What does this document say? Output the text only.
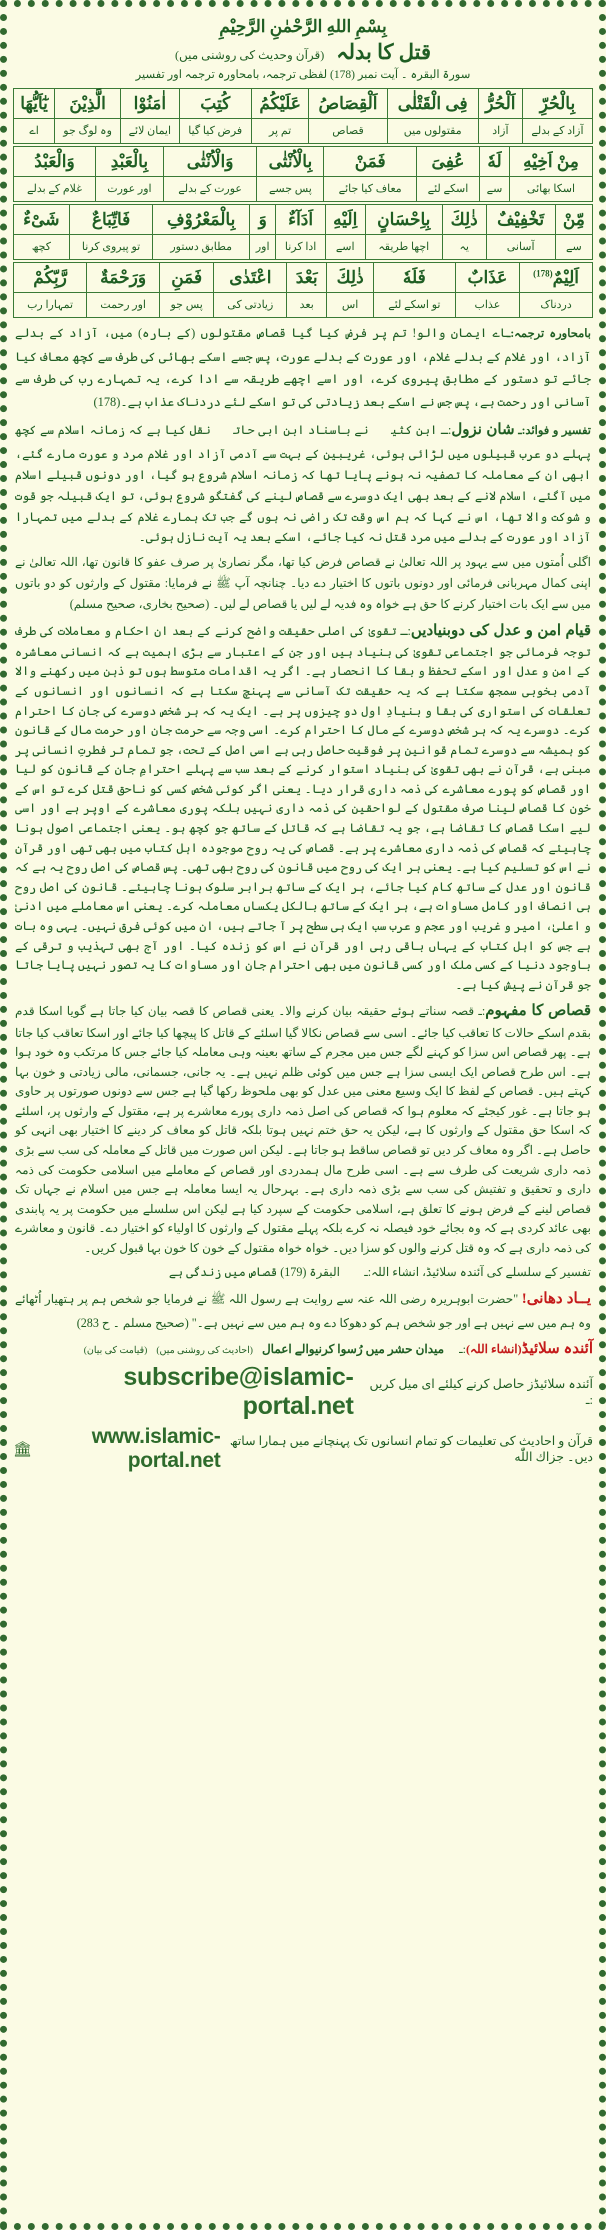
بِسْمِ اللهِ الرَّحْمٰنِ الرَّحِيْمِ
قتل کا بدلہ (قرآن وحدیث کی روشنی میں)
سورۃ البقرہ ۔ آیت نمبر (178) لفظی ترجمہ، بامحاورہ ترجمہ اور تفسیر
بِالْحُرِّ	اَلْحُرُّ	فِى الْقَتْلٰى	اَلْقِصَاصُ	عَلَيْكُمُ	كُتِبَ	اٰمَنُوْا	الَّذِيْنَ	يٰٓاَيُّهَا
آزاد کے بدلے	آزاد	مقتولوں میں	قصاص	تم پر	فرض کیا گیا	ایمان لائے	وہ لوگ جو	اے
مِنْ اَخِيْهِ	لَهٗ	عُفِىَ	فَمَنْ	بِالْاُنْثٰى	وَالْاُنْثٰى	بِالْعَبْدِ	وَالْعَبْدُ
اسکا بھائی	سے	اسکے لئے	معاف کیا جائے	پس جسے	عورت کے بدلے	اور عورت	غلام کے بدلے
مِّنْ	تَخْفِيْفٌ	ذٰلِكَ	بِاِحْسَانٍ	اِلَيْهِ	اَدَآءٌ	وَ	بِالْمَعْرُوْفِ	فَاتِّبَاعٌ	شَىْءٌ
سے	آسانی	یہ	اچھا طریقہ	اسے	ادا کرنا	اور	مطابق دستور	تو پیروی کرنا	کچھ
اَلِيْمٌ$^{(178)}$	عَذَابٌ	فَلَهٗ	ذٰلِكَ	بَعْدَ	اعْتَدٰى	فَمَنِ	وَرَحْمَةٌ	رَّبِّكُمْ
دردناک	عذاب	تو اسکے لئے	اس	بعد	زیادتی کی	پس جو	اور رحمت	تمہارا رب
بامحاورہ ترجمہ:ـاے ایمان والو! تم پر فرض کیا گیا قصاص مقتولوں (کے بارہ) میں، آزاد کے بدلے آزاد، اور غلام کے بدلے غلام، اور عورت کے بدلے عورت، پس جسے اسکے بھائی کی طرف سے کچھ معاف کیا جائے تو دستور کے مطابق پیروی کرے، اور اسے اچھے طریقہ سے ادا کرے، یہ تمہارے رب کی طرف سے آسانی اور رحمت ہے، پس جس نے اسکے بعد زیادتی کی تو اسکے لئے دردناک عذاب ہے۔(178)
تفسیر و فوائد:ـ شان نزول:ـ ابن کثیرؒ نے باسناد ابن ابی حاتمؒ نقل کیا ہے کہ زمانہ اسلام سے کچھ پہلے دو عرب قبیلوں میں لڑائی ہوئی، غریبین کے بہت سے آدمی آزاد اور غلام مرد و عورت مارے گئے، ابھی ان کے معاملہ کا تصفیہ نہ ہونے پایا تھا کہ زمانہ اسلام شروع ہو گیا، اور دونوں قبیلے اسلام میں آگئے، اسلام لانے کے بعد بھی ایک دوسرے سے قصاص لینے کی گفتگو شروع ہوئی، تو ایک قبیلہ جو قوت و شوکت والا تھا، اس نے کہا کہ ہم اس وقت تک راضی نہ ہوں گے جب تک ہمارے غلام کے بدلے میں تمہارا آزاد اور عورت کے بدلے میں مرد قتل نہ کیا جائے، اسکے بعد یہ آیت نازل ہوئی۔
اگلی اُمتوں میں سے یہود پر اللہ تعالیٰ نے قصاص فرض کیا تھا، مگر نصاریٰ پر صرف عفو کا قانون تھا، اللہ تعالیٰ نے اپنی کمال مہربانی فرمائی اور دونوں باتوں کا اختیار دے دیا۔ چنانچہ آپ ﷺ نے فرمایا: مقتول کے وارثوں کو دو باتوں میں سے ایک بات اختیار کرنے کا حق ہے خواہ وہ فدیہ لے لیں یا قصاص لے لیں۔ (صحیح بخاری، صحیح مسلم)
قیام امن و عدل کی دوبنیادیں:ـ تقویٰ کی اصلی حقیقت واضح کرنے کے بعد ان احکام و معاملات کی طرف توجہ فرمائی جو اجتماعی تقویٰ کی بنیاد ہیں اور جن کے اعتبار سے بڑی اہمیت ہے کہ انسانی معاشرہ کے امن و عدل اور اسکے تحفظ و بقا کا انحصار ہے۔ اگر یہ اقدامات متوسط ہوں تو ذہن میں رکھنے والا آدمی بخوبی سمجھ سکتا ہے کہ یہ حقیقت تک آسانی سے پہنچ سکتا ہے کہ انسانوں اور انسانوں کے تعلقات کی استواری کی بقا و بنیادِ اول دو چیزوں پر ہے۔ ایک یہ کہ ہر شخص دوسرے کی جان کا احترام کرے۔ دوسرے یہ کہ ہر شخص دوسرے کے مال کا احترام کرے۔ اسی وجہ سے حرمت جان اور حرمت مال کے قانون کو ہمیشہ سے دوسرے تمام قوانین پر فوقیت حاصل رہی ہے اسی اصل کے تحت، جو تمام تر فطرتِ انسانی پر مبنی ہے، قرآن نے بھی تقویٰ کی بنیاد استوار کرنے کے بعد سب سے پہلے احترامِ جان کے قانون کو لیا اور قصاص کو پورے معاشرے کی ذمہ داری قرار دیا۔ یعنی اگر کوئی شخص کسی کو ناحق قتل کرے تو اس کے خون کا قصاص لینا صرف مقتول کے لواحقین کی ذمہ داری نہیں بلکہ پوری معاشرے کے اوپر ہے اور اسی لیے اسکا قصاص کا تقاضا ہے، جو یہ تقاضا ہے کہ قاتل کے ساتھ جو کچھ ہو۔ یعنی اجتماعی اصول ہونا چاہیئے کہ قصاص کی ذمہ داری معاشرے پر ہے۔ قصاص کی یہ روح موجودہ اہل کتاب میں بھی تھی اور قرآن نے اس کو تسلیم کیا ہے۔ یعنی ہر ایک کی روح میں قانون کی روح بھی تھی۔ پس قصاص کی اصل روح یہ ہے کہ قانون اور عدل کے ساتھ کام کیا جائے، ہر ایک کے ساتھ برابر سلوک ہونا چاہیئے۔ قانون کی اصل روح ہی انصاف اور کامل مساوات ہے، ہر ایک کے ساتھ بالکل یکساں معاملہ کرے۔ یعنی اس معاملے میں ادنیٰ و اعلیٰ، امیر و غریب اور عجم و عرب سب ایک ہی سطح پر آ جاتے ہیں، ان میں کوئی فرق نہیں۔ یہی وہ بات ہے جس کو اہل کتاب کے یہاں باقی رہی اور قرآن نے اس کو زندہ کیا۔ اور آج بھی تہذیب و ترقی کے باوجود دنیا کے کسی ملک اور کسی قانون میں بھی احترام جان اور مساوات کا یہ تصور نہیں پایا جاتا جو قرآن نے پیش کیا ہے۔
قصاص کا مفہوم:ـ قصہ سناتے ہوئے حقیقہ بیان کرنے والا۔ یعنی قصاص کا قصہ بیان کیا جاتا ہے گویا اسکا قدم بقدم اسکے حالات کا تعاقب کیا جائے۔ اسی سے قصاص نکالا گیا اسلئے کے قاتل کا پیچھا کیا جائے اور اسکا تعاقب کیا جاتا ہے۔ پھر قصاص اس سزا کو کہنے لگے جس میں مجرم کے ساتھ بعینہ وہی معاملہ کیا جائے جس کا مرتکب وہ خود ہوا ہے۔ اس طرح قصاص ایک ایسی سزا ہے جس میں کوئی ظلم نہیں ہے۔ یہ جانی، جسمانی، مالی زیادتی و خون بہا کہتے ہیں۔ قصاص کے لفظ کا ایک وسیع معنی میں عدل کو بھی ملحوظ رکھا گیا ہے جس سے دونوں صورتوں پر حاوی ہو جاتا ہے۔ غور کیجئے کہ معلوم ہوا کہ قصاص کی اصل ذمہ داری پورے معاشرے پر ہے، مقتول کے وارثوں پر، اسلئے کہ اسکا حق مقتول کے وارثوں کا ہے، لیکن یہ حق ختم نہیں ہوتا بلکہ قاتل کو معاف کر دینے کا اختیار بھی انہی کو حاصل ہے۔ اگر وہ معاف کر دیں تو قصاص ساقط ہو جاتا ہے۔ لیکن اس صورت میں قاتل کے معاملہ کی سب سے بڑی ذمہ داری شریعت کی طرف سے ہے۔ اسی طرح مال ہمدردی اور قصاص کے معاملے میں اسلامی حکومت کی ذمہ داری و تحقیق و تفتیش کی سب سے بڑی ذمہ داری ہے۔ بہرحال یہ ایسا معاملہ ہے جس میں اسلام نے جہاں تک قصاص لینے کے فرض ہونے کا تعلق ہے، اسلامی حکومت کے سپرد کیا ہے لیکن اس سلسلے میں حکومت پر یہ پابندی بھی عائد کردی ہے کہ وہ بجائے خود فیصلہ نہ کرے بلکہ پہلے مقتول کے وارثوں کا اولیاء کو اختیار دے۔ قانون و معاشرے کی ذمہ داری ہے کہ وہ قتل کرنے والوں کو سزا دیں۔ خواہ خواہ مقتول کے خون کا خون بہا قبول کریں۔
تفسیر کے سلسلے کی آئندہ سلائیڈ، انشاء اللہ:ـ        البقرۃ (179) قصاص میں زندگی ہے
یــاد دھانی! "حضرت ابوہریرہ رضی اللہ عنہ سے روایت ہے رسول اللہ ﷺ نے فرمایا جو شخص ہم پر ہتھیار اُٹھائے وہ ہم میں سے نہیں ہے اور جو شخص ہم کو دھوکا دے وہ ہم میں سے نہیں ہے۔" (صحیح مسلم ۔ ح 283)
آئندہ سلائیڈ(انشاء اللہ):ـ     میدان حشر میں رُسوا کرنیوالے اعمال   (احادیث کی روشنی میں)   (قیامت کی بیان)
آئندہ سلائیڈز حاصل کرنے کیلئے ای میل کریں :ـ
subscribe@islamic-portal.net
قرآن و احادیث کی تعلیمات کو تمام انسانوں تک پہنچانے میں ہمارا ساتھ دیں۔ جزاك اللّٰه
www.islamic-portal.net
🏛
